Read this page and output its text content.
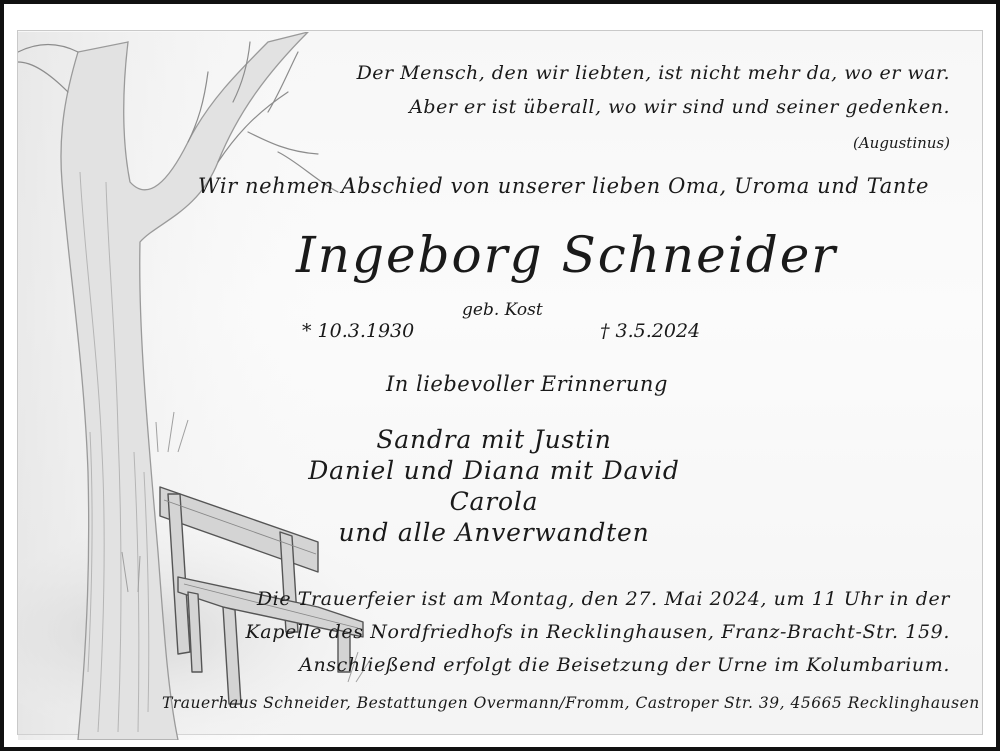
Der Mensch, den wir liebten, ist nicht mehr da, wo er war.
Aber er ist überall, wo wir sind und seiner gedenken.
(Augustinus)
Wir nehmen Abschied von unserer lieben Oma, Uroma und Tante
Ingeborg Schneider
geb. Kost
* 10.3.1930	† 3.5.2024
In liebevoller Erinnerung
Sandra mit Justin
Daniel und Diana mit David
Carola
und alle Anverwandten
Die Trauerfeier ist am Montag, den 27. Mai 2024, um 11 Uhr in der
Kapelle des Nordfriedhofs in Recklinghausen, Franz-Bracht-Str. 159.
Anschließend erfolgt die Beisetzung der Urne im Kolumbarium.
Trauerhaus Schneider, Bestattungen Overmann/Fromm, Castroper Str. 39, 45665 Recklinghausen
